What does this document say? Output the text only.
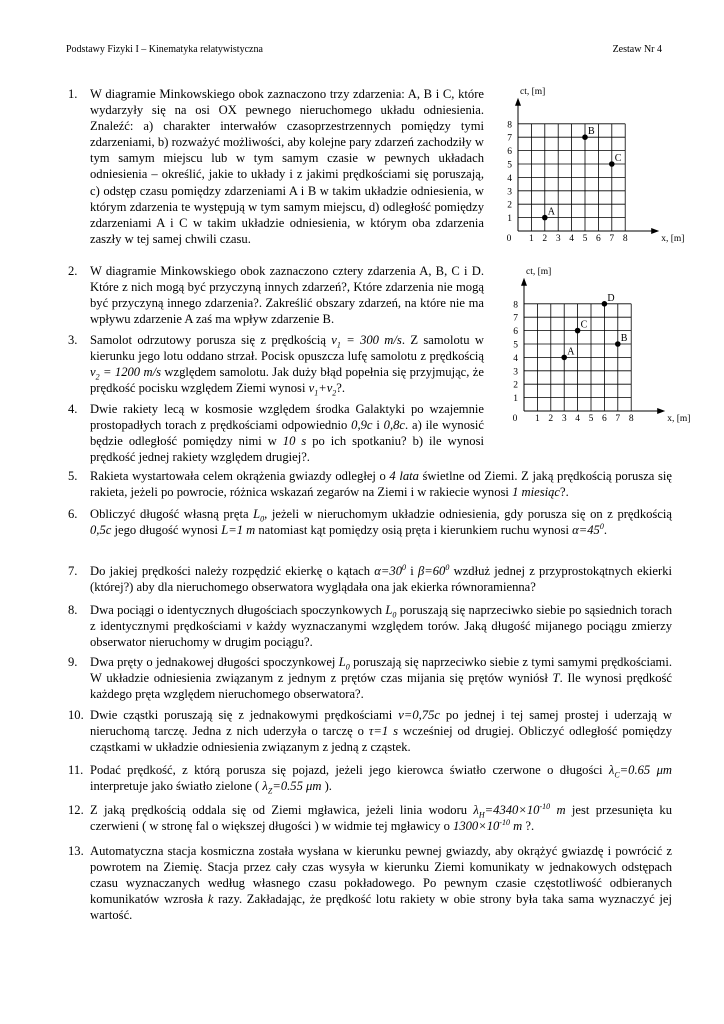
Podstawy Fizyki I – Kinematyka relatywistyczna	Zestaw Nr 4
0 1 2 3 4 5 6 7 8
1
2
3
4
5
6
7
8
ct, [m]
x, [m]
A
B
C
0 1 2 3 4 5 6 7 8
1
2
3
4
5
6
7
8
ct, [m]
x, [m]
A
B
C
D
1. W diagramie Minkowskiego obok zaznaczono trzy zdarzenia: A, B i C, które wydarzyły się na osi OX pewnego nieruchomego układu odniesienia. Znaleźć: a) charakter interwałów czasoprzestrzennych pomiędzy tymi zdarzeniami, b) rozważyć możliwości, aby kolejne pary zdarzeń zachodziły w tym samym miejscu lub w tym samym czasie w pewnych układach odniesienia – określić, jakie to układy i z jakimi prędkościami się poruszają, c) odstęp czasu pomiędzy zdarzeniami A i B w takim układzie odniesienia, w którym zdarzenia te występują w tym samym miejscu, d) odległość pomiędzy zdarzeniami A i C w takim układzie odniesienia, w którym oba zdarzenia zaszły w tej samej chwili czasu.
2. W diagramie Minkowskiego obok zaznaczono cztery zdarzenia A, B, C i D. Które z nich mogą być przyczyną innych zdarzeń?, Które zdarzenia nie mogą być przyczyną innego zdarzenia?. Zakreślić obszary zdarzeń, na które nie ma wpływu zdarzenie A zaś ma wpływ zdarzenie B.
3. Samolot odrzutowy porusza się z prędkością $v_1 = 300$ m/s. Z samolotu w kierunku jego lotu oddano strzał. Pocisk opuszcza lufę samolotu z prędkością $v_2 = 1200$ m/s względem samolotu. Jak duży błąd popełnia się przyjmując, że prędkość pocisku względem Ziemi wynosi $v_1+v_2$?.
4. Dwie rakiety lecą w kosmosie względem środka Galaktyki po wzajemnie prostopadłych torach z prędkościami odpowiednio 0,9c i 0,8c. a) ile wynosić będzie odległość pomiędzy nimi w 10 s po ich spotkaniu? b) ile wynosi prędkość jednej rakiety względem drugiej?.
5. Rakieta wystartowała celem okrążenia gwiazdy odległej o 4 lata świetlne od Ziemi. Z jaką prędkością porusza się rakieta, jeżeli po powrocie, różnica wskazań zegarów na Ziemi i w rakiecie wynosi 1 miesiąc?.
6. Obliczyć długość własną pręta $L_0$, jeżeli w nieruchomym układzie odniesienia, gdy porusza się on z prędkością 0,5c jego długość wynosi L=1 m natomiast kąt pomiędzy osią pręta i kierunkiem ruchu wynosi $\alpha=45^0$.
7. Do jakiej prędkości należy rozpędzić ekierkę o kątach $\alpha=30^0$ i $\beta=60^0$ wzdłuż jednej z przyprostokątnych ekierki (której?) aby dla nieruchomego obserwatora wyglądała ona jak ekierka równoramienna?
8. Dwa pociągi o identycznych długościach spoczynkowych $L_0$ poruszają się naprzeciwko siebie po sąsiednich torach z identycznymi prędkościami v każdy wyznaczanymi względem torów. Jaką długość mijanego pociągu zmierzy obserwator nieruchomy w drugim pociągu?.
9. Dwa pręty o jednakowej długości spoczynkowej $L_0$ poruszają się naprzeciwko siebie z tymi samymi prędkościami. W układzie odniesienia związanym z jednym z prętów czas mijania się prętów wyniósł T. Ile wynosi prędkość każdego pręta względem nieruchomego obserwatora?.
10. Dwie cząstki poruszają się z jednakowymi prędkościami v=0,75c po jednej i tej samej prostej i uderzają w nieruchomą tarczę. Jedna z nich uderzyła o tarczę o τ=1 s wcześniej od drugiej. Obliczyć odległość pomiędzy cząstkami w układzie odniesienia związanym z jedną z cząstek.
11. Podać prędkość, z którą porusza się pojazd, jeżeli jego kierowca światło czerwone o długości $\lambda_C=0.65$ μm interpretuje jako światło zielone ( $\lambda_Z=0.55$ μm ).
12. Z jaką prędkością oddala się od Ziemi mgławica, jeżeli linia wodoru $\lambda_H=4340\times 10^{-10}$ m jest przesunięta ku czerwieni ( w stronę fal o większej długości ) w widmie tej mgławicy o $1300\times 10^{-10}$ m ?.
13. Automatyczna stacja kosmiczna została wysłana w kierunku pewnej gwiazdy, aby okrążyć gwiazdę i powrócić z powrotem na Ziemię. Stacja przez cały czas wysyła w kierunku Ziemi komunikaty w jednakowych odstępach czasu wyznaczanych według własnego czasu pokładowego. Po pewnym czasie częstotliwość odbieranych komunikatów wzrosła k razy. Zakładając, że prędkość lotu rakiety w obie strony była taka sama wyznaczyć jej wartość.
